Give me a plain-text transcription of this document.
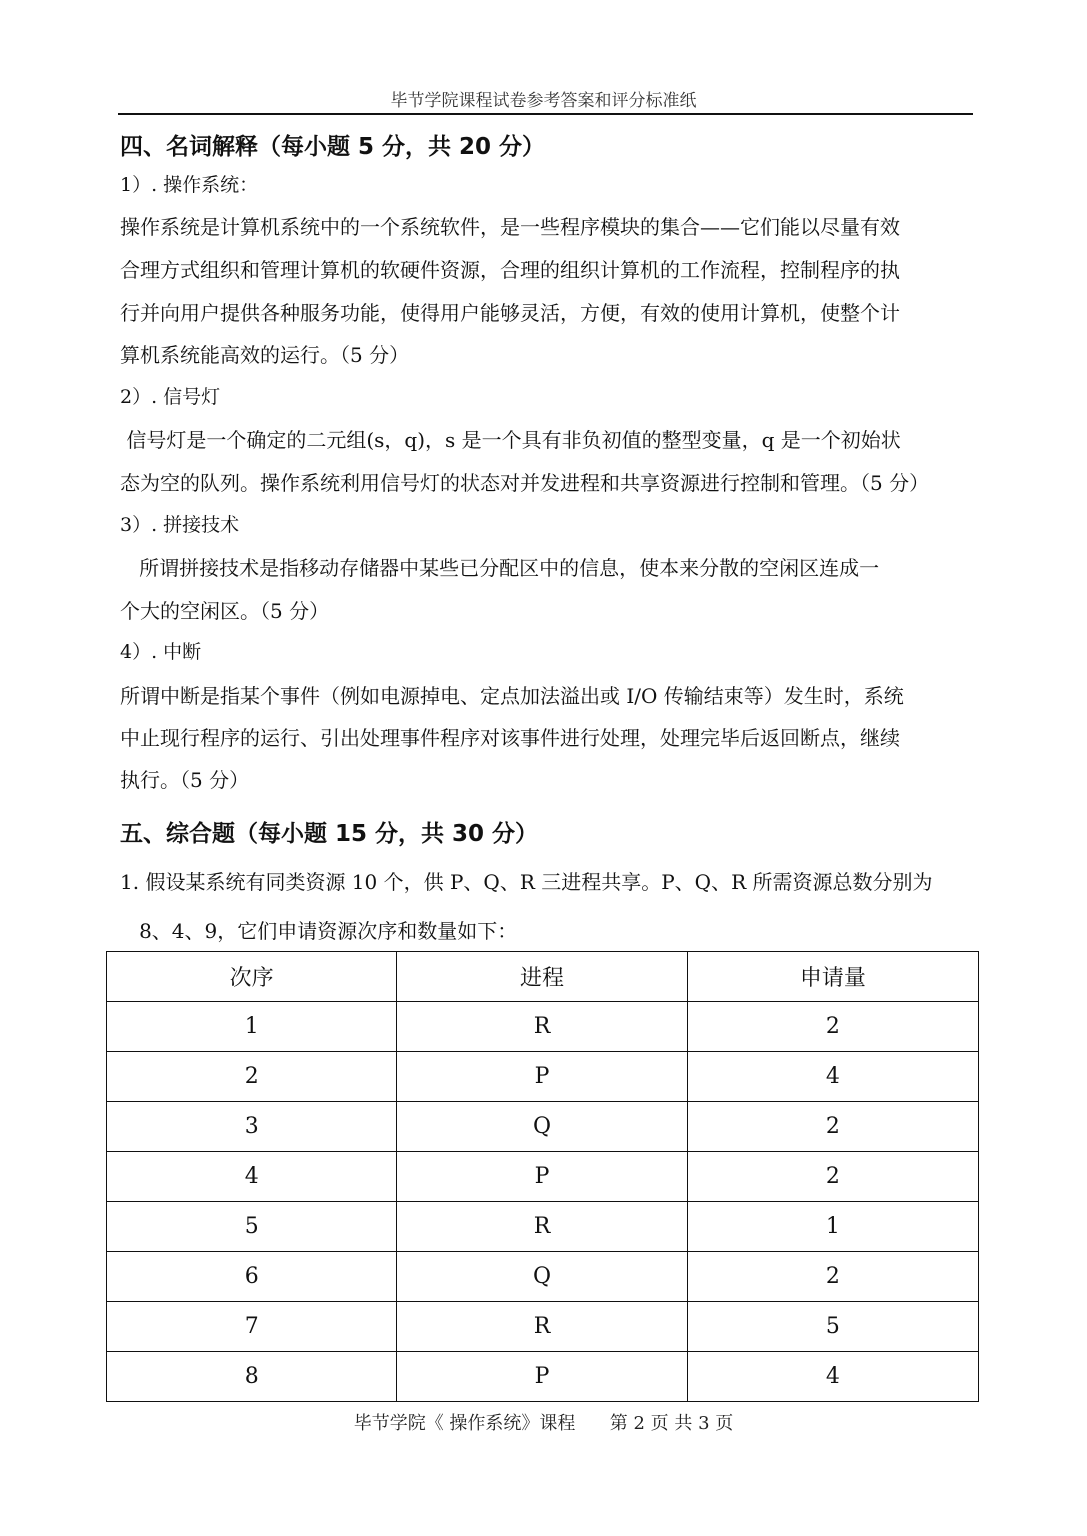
毕节学院课程试卷参考答案和评分标准纸
四、名词解释（每小题 5 分，共 20 分）
1）. 操作系统：
操作系统是计算机系统中的一个系统软件，是一些程序模块的集合——它们能以尽量有效
合理方式组织和管理计算机的软硬件资源，合理的组织计算机的工作流程，控制程序的执
行并向用户提供各种服务功能，使得用户能够灵活，方便，有效的使用计算机，使整个计
算机系统能高效的运行。（5 分）
2）. 信号灯
信号灯是一个确定的二元组(s，q)，s 是一个具有非负初值的整型变量，q 是一个初始状
态为空的队列。操作系统利用信号灯的状态对并发进程和共享资源进行控制和管理。（5 分）
3）. 拼接技术
所谓拼接技术是指移动存储器中某些已分配区中的信息，使本来分散的空闲区连成一
个大的空闲区。（5 分）
4）. 中断
所谓中断是指某个事件（例如电源掉电、定点加法溢出或 I/O 传输结束等）发生时，系统
中止现行程序的运行、引出处理事件程序对该事件进行处理，处理完毕后返回断点，继续
执行。（5 分）
五、综合题（每小题 15 分，共 30 分）
1. 假设某系统有同类资源 10 个，供 P、Q、R 三进程共享。P、Q、R 所需资源总数分别为
8、4、9，它们申请资源次序和数量如下：
次序	进程	申请量
1	R	2
2	P	4
3	Q	2
4	P	2
5	R	1
6	Q	2
7	R	5
8	P	4
毕节学院《 操作系统》课程      第 2 页 共 3 页
